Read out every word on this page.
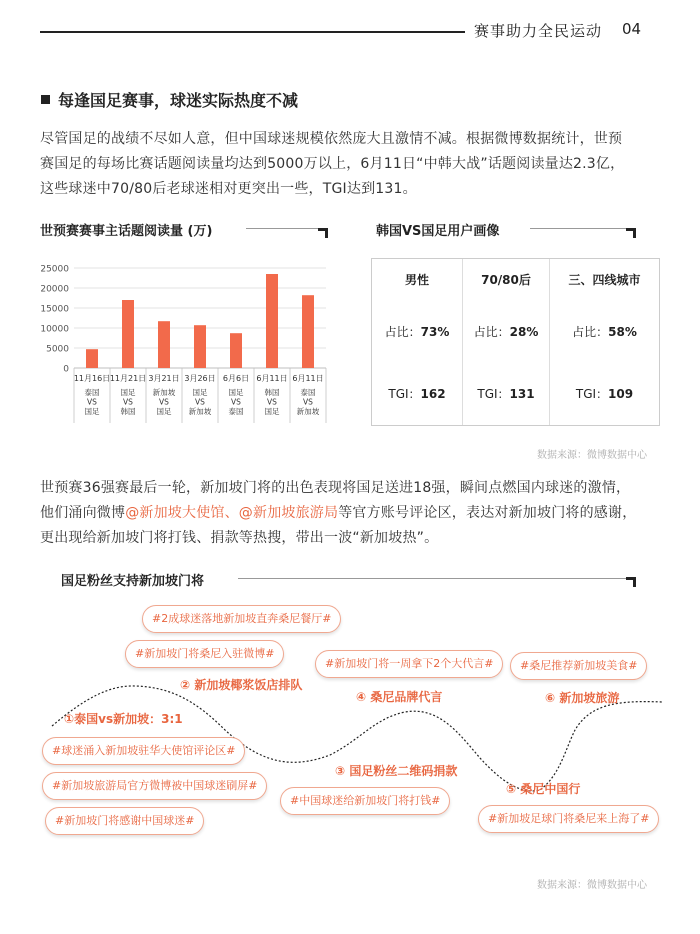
赛事助力全民运动 04
每逢国足赛事，球迷实际热度不减
尽管国足的战绩不尽如人意，但中国球迷规模依然庞大且激情不减。根据微博数据统计，世预
赛国足的每场比赛话题阅读量均达到5000万以上，6月11日“中韩大战”话题阅读量达2.3亿，
这些球迷中70/80后老球迷相对更突出一些，TGI达到131。
世预赛赛事主话题阅读量 (万)
0
5000
10000
15000
20000
25000
11月16日
泰国
VS
国足
11月21日
国足
VS
韩国
3月21日
新加坡
VS
国足
3月26日
国足
VS
新加坡
6月6日
国足
VS
泰国
6月11日
韩国
VS
国足
6月11日
泰国
VS
新加坡
韩国VS国足用户画像
男性
占比：73%
TGI：162
70/80后
占比：28%
TGI：131
三、四线城市
占比：58%
TGI：109
数据来源：微博数据中心
世预赛36强赛最后一轮，新加坡门将的出色表现将国足送进18强，瞬间点燃国内球迷的激情，
他们涌向微博@新加坡大使馆、@新加坡旅游局等官方账号评论区，表达对新加坡门将的感谢，
更出现给新加坡门将打钱、捐款等热搜，带出一波“新加坡热”。
国足粉丝支持新加坡门将
#2成球迷落地新加坡直奔桑尼餐厅#
#新加坡门将桑尼入驻微博#
#新加坡门将一周拿下2个大代言#	#桑尼推荐新加坡美食#
#球迷涌入新加坡驻华大使馆评论区#
#新加坡旅游局官方微博被中国球迷刷屏#
#新加坡门将感谢中国球迷#
#中国球迷给新加坡门将打钱#
#新加坡足球门将桑尼来上海了#
①泰国vs新加坡：3:1
② 新加坡椰浆饭店排队
③ 国足粉丝二维码捐款
④ 桑尼品牌代言
⑤ 桑尼中国行
⑥ 新加坡旅游
数据来源：微博数据中心
